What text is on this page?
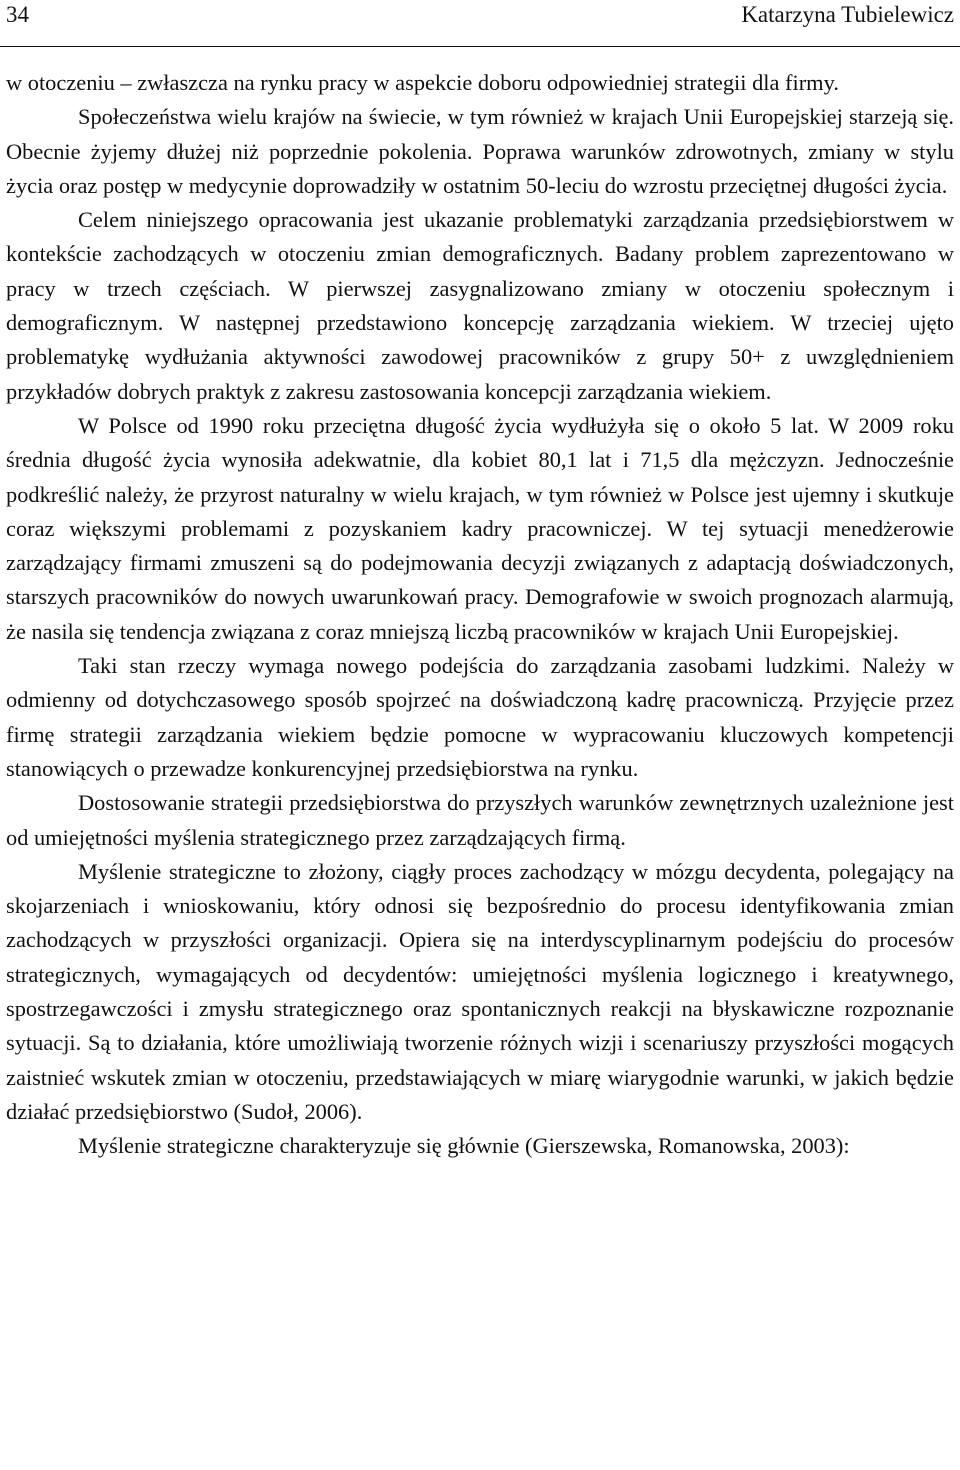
34	Katarzyna Tubielewicz

w otoczeniu – zwłaszcza na rynku pracy w aspekcie doboru odpowiedniej strategii dla firmy.

Społeczeństwa wielu krajów na świecie, w tym również w krajach Unii Europejskiej starzeją się. Obecnie żyjemy dłużej niż poprzednie pokolenia. Poprawa warunków zdrowotnych, zmiany w stylu życia oraz postęp w medycynie doprowadziły w ostatnim 50-leciu do wzrostu przeciętnej długości życia.

Celem niniejszego opracowania jest ukazanie problematyki zarządzania przedsiębiorstwem w kontekście zachodzących w otoczeniu zmian demograficznych. Badany problem zaprezentowano w pracy w trzech częściach. W pierwszej zasygnalizowano zmiany w otoczeniu społecznym i demograficznym. W następnej przedstawiono koncepcję zarządzania wiekiem. W trzeciej ujęto problematykę wydłużania aktywności zawodowej pracowników z grupy 50+ z uwzględnieniem przykładów dobrych praktyk z zakresu zastosowania koncepcji zarządzania wiekiem.

W Polsce od 1990 roku przeciętna długość życia wydłużyła się o około 5 lat. W 2009 roku średnia długość życia wynosiła adekwatnie, dla kobiet 80,1 lat i 71,5 dla mężczyzn. Jednocześnie podkreślić należy, że przyrost naturalny w wielu krajach, w tym również w Polsce jest ujemny i skutkuje coraz większymi problemami z pozyskaniem kadry pracowniczej. W tej sytuacji menedżerowie zarządzający firmami zmuszeni są do podejmowania decyzji związanych z adaptacją doświadczonych, starszych pracowników do nowych uwarunkowań pracy. Demografowie w swoich prognozach alarmują, że nasila się tendencja związana z coraz mniejszą liczbą pracowników w krajach Unii Europejskiej.

Taki stan rzeczy wymaga nowego podejścia do zarządzania zasobami ludzkimi. Należy w odmienny od dotychczasowego sposób spojrzeć na doświadczoną kadrę pracowniczą. Przyjęcie przez firmę strategii zarządzania wiekiem będzie pomocne w wypracowaniu kluczowych kompetencji stanowiących o przewadze konkurencyjnej przedsiębiorstwa na rynku.

Dostosowanie strategii przedsiębiorstwa do przyszłych warunków zewnętrznych uzależnione jest od umiejętności myślenia strategicznego przez zarządzających firmą.

Myślenie strategiczne to złożony, ciągły proces zachodzący w mózgu decydenta, polegający na skojarzeniach i wnioskowaniu, który odnosi się bezpośrednio do procesu identyfikowania zmian zachodzących w przyszłości organizacji. Opiera się na interdyscyplinarnym podejściu do procesów strategicznych, wymagających od decydentów: umiejętności myślenia logicznego i kreatywnego, spostrzegawczości i zmysłu strategicznego oraz spontanicznych reakcji na błyskawiczne rozpoznanie sytuacji. Są to działania, które umożliwiają tworzenie różnych wizji i scenariuszy przyszłości mogących zaistnieć wskutek zmian w otoczeniu, przedstawiających w miarę wiarygodnie warunki, w jakich będzie działać przedsiębiorstwo (Sudoł, 2006).

Myślenie strategiczne charakteryzuje się głównie (Gierszewska, Romanowska, 2003):
